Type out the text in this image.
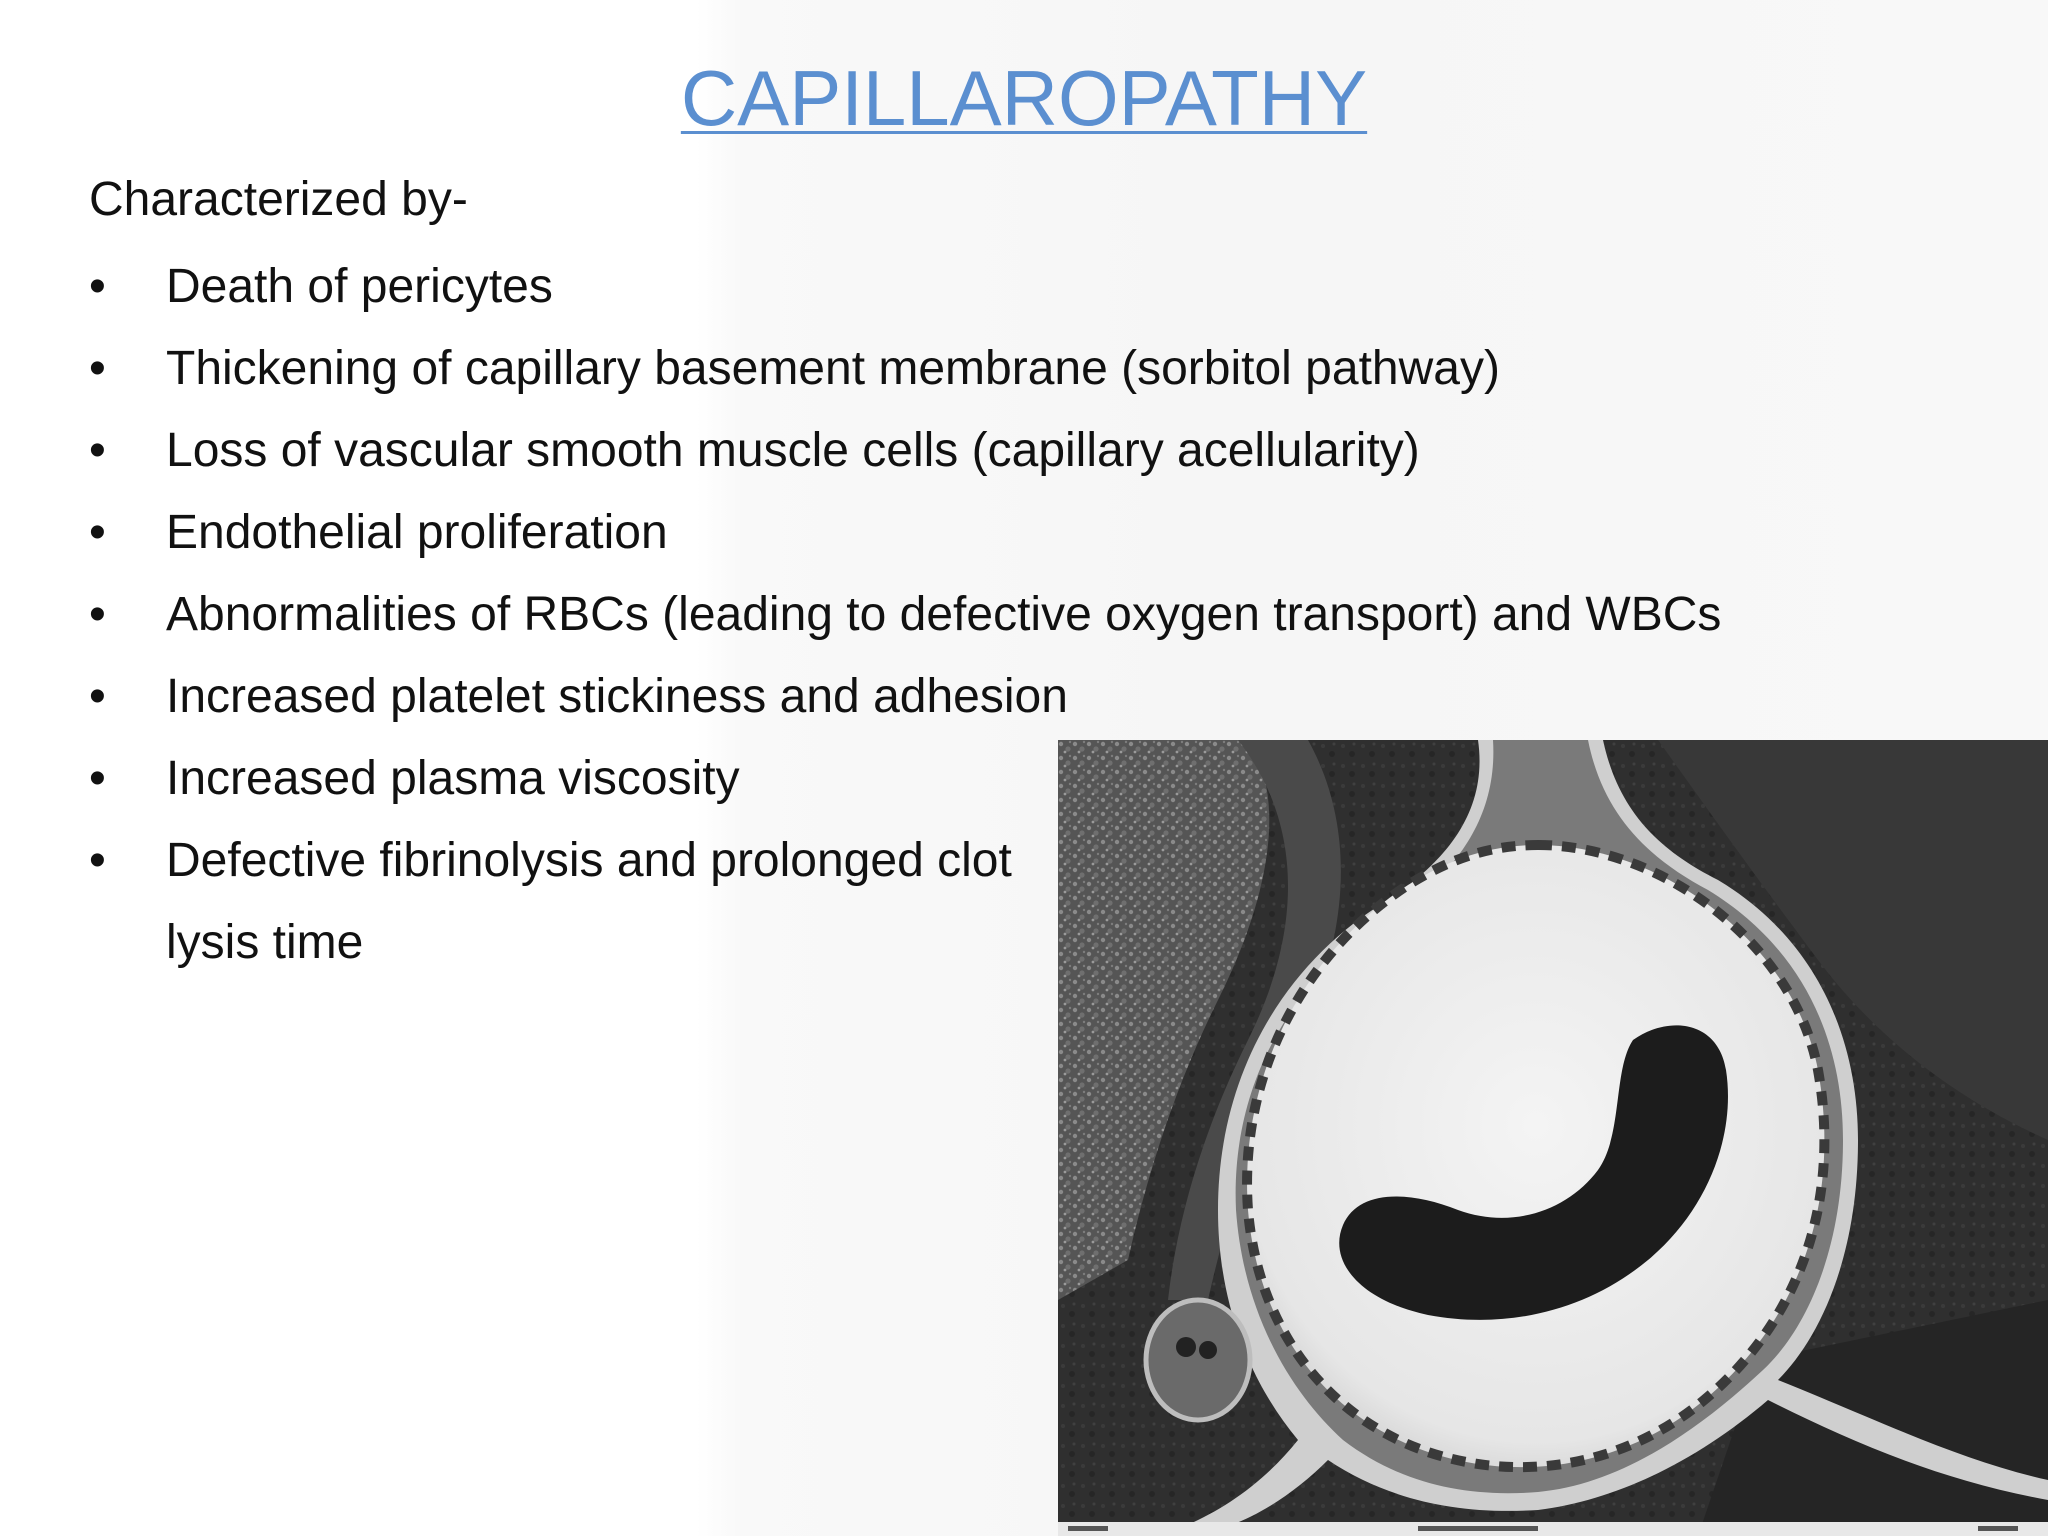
CAPILLAROPATHY

Characterized by-

• Death of pericytes
• Thickening of capillary basement membrane (sorbitol pathway)
• Loss of vascular smooth muscle cells (capillary acellularity)
• Endothelial proliferation
• Abnormalities of RBCs (leading to defective oxygen transport) and WBCs
• Increased platelet stickiness and adhesion
• Increased plasma viscosity
• Defective fibrinolysis and prolonged clot lysis time
